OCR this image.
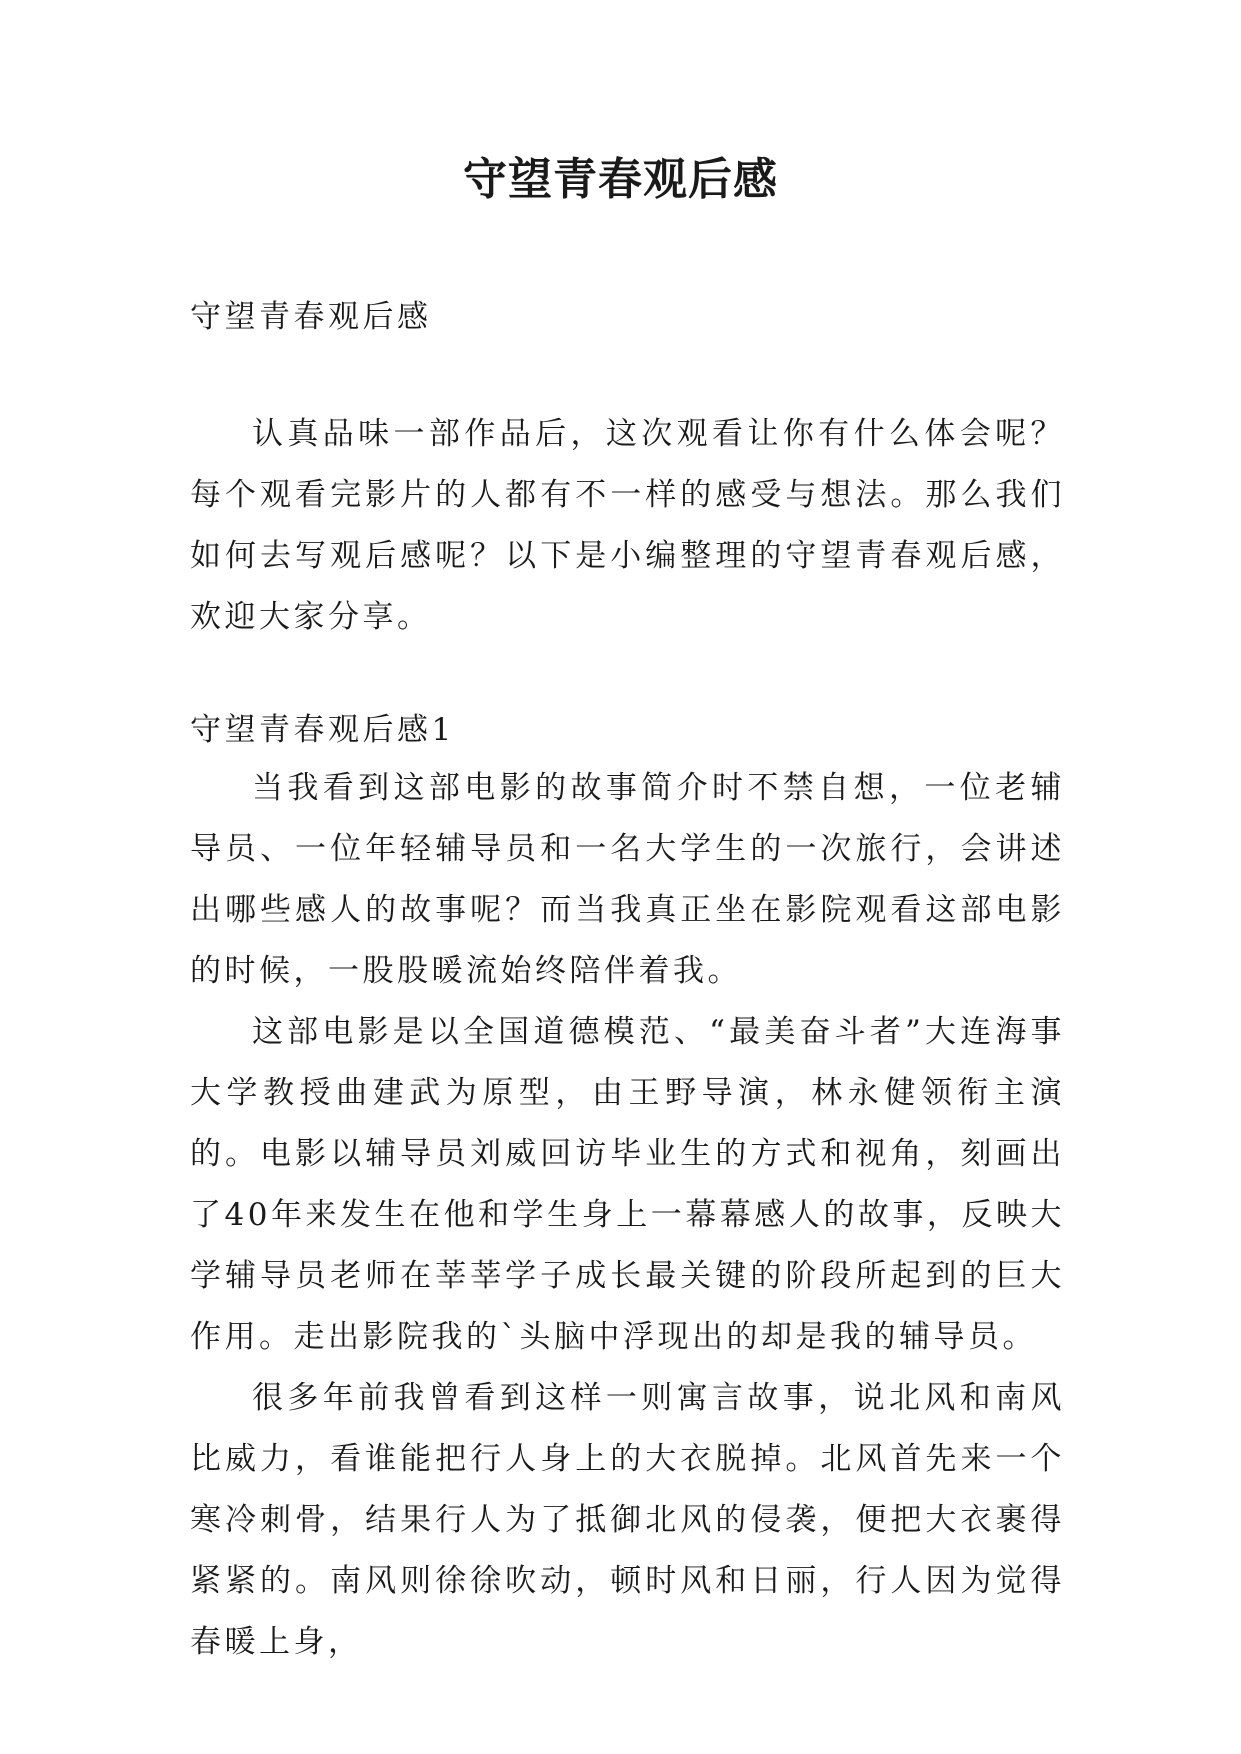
守望青春观后感
守望青春观后感

认真品味一部作品后，这次观看让你有什么体会呢？每个观看完影片的人都有不一样的感受与想法。那么我们如何去写观后感呢？以下是小编整理的守望青春观后感，欢迎大家分享。

守望青春观后感1

当我看到这部电影的故事简介时不禁自想，一位老辅导员、一位年轻辅导员和一名大学生的一次旅行，会讲述出哪些感人的故事呢？而当我真正坐在影院观看这部电影的时候，一股股暖流始终陪伴着我。

这部电影是以全国道德模范、“最美奋斗者”大连海事大学教授曲建武为原型，由王野导演，林永健领衔主演的。电影以辅导员刘威回访毕业生的方式和视角，刻画出了40年来发生在他和学生身上一幕幕感人的故事，反映大学辅导员老师在莘莘学子成长最关键的阶段所起到的巨大作用。走出影院我的`头脑中浮现出的却是我的辅导员。

很多年前我曾看到这样一则寓言故事，说北风和南风比威力，看谁能把行人身上的大衣脱掉。北风首先来一个寒冷刺骨，结果行人为了抵御北风的侵袭，便把大衣裹得紧紧的。南风则徐徐吹动，顿时风和日丽，行人因为觉得春暖上身，
